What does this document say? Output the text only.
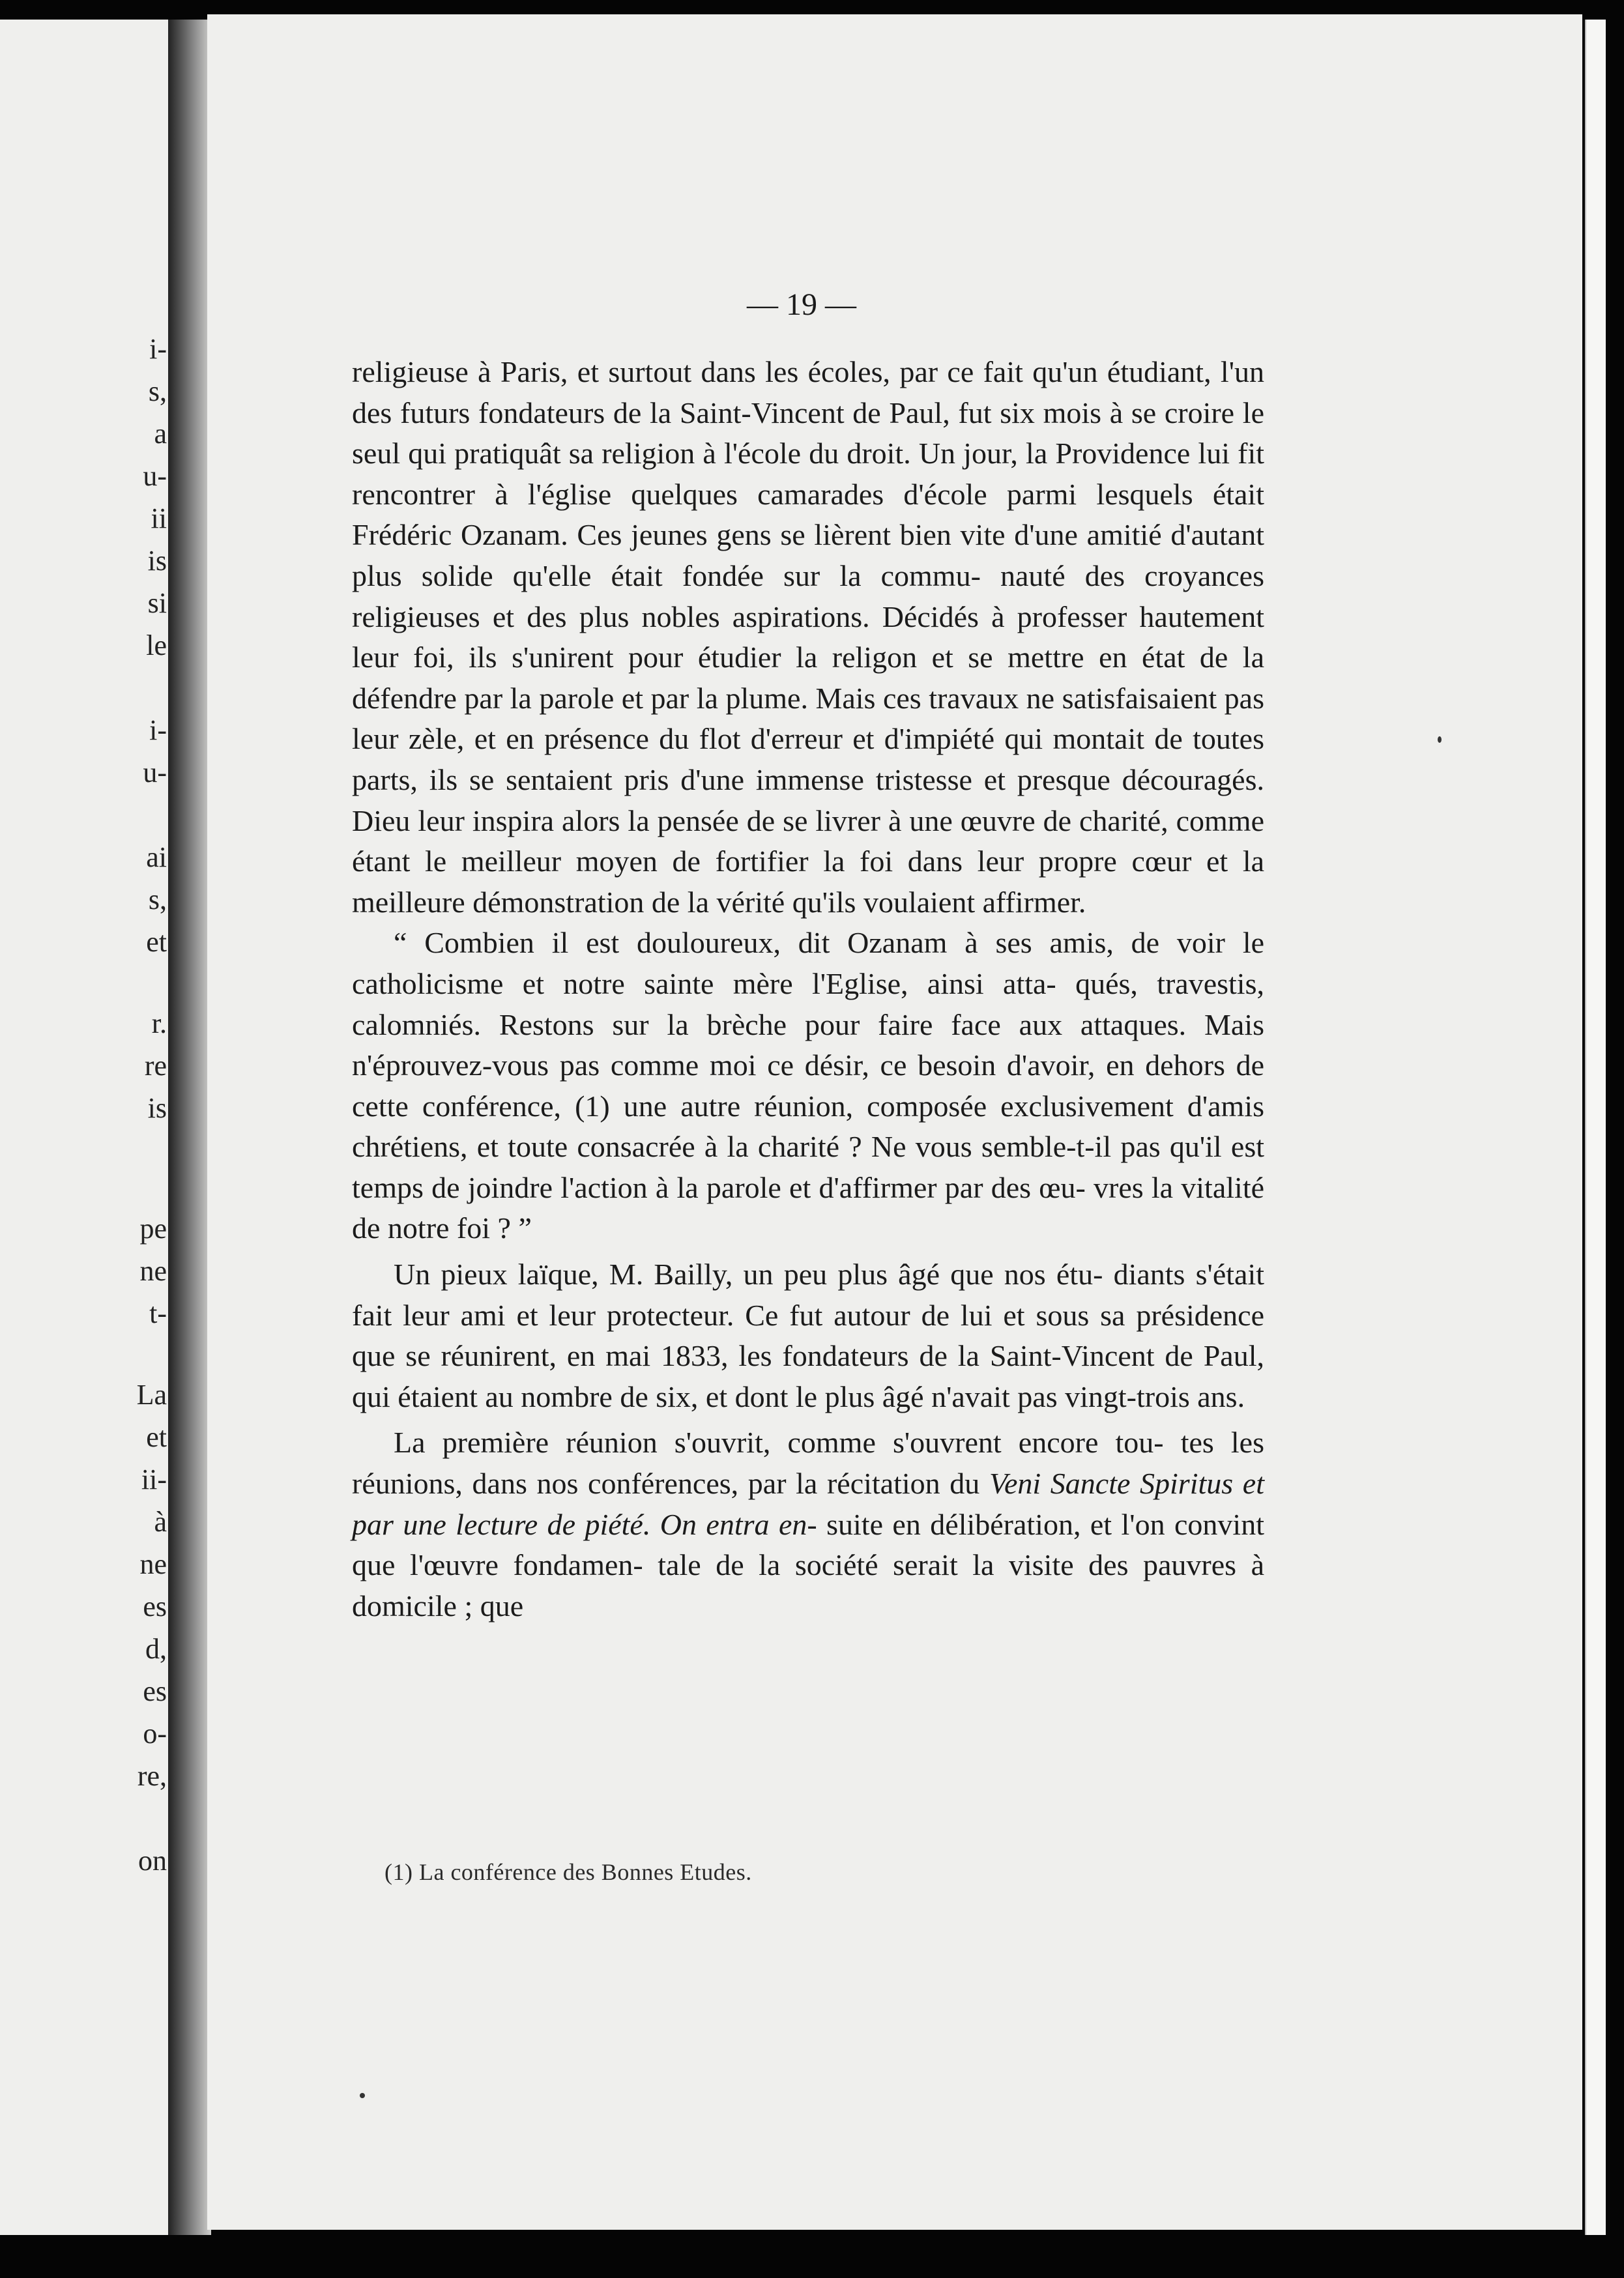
i-
s,
a
u-
ii
is
si
le
i-
u-
ai
s,
et
r.
re
is
pe
ne
t-
La
et
ii-
à
ne
es
d,
es
o-
re,
on
— 19 —

religieuse à Paris, et surtout dans les écoles, par ce fait qu'un étudiant, l'un des futurs fondateurs de la Saint-Vincent de Paul, fut six mois à se croire le seul qui pratiquât sa religion à l'école du droit. Un jour, la Providence lui fit rencontrer à l'église quelques camarades d'école parmi lesquels était Frédéric Ozanam. Ces jeunes gens se lièrent bien vite d'une amitié d'autant plus solide qu'elle était fondée sur la commu- nauté des croyances religieuses et des plus nobles aspirations. Décidés à professer hautement leur foi, ils s'unirent pour étudier la religon et se mettre en état de la défendre par la parole et par la plume. Mais ces travaux ne satisfaisaient pas leur zèle, et en présence du flot d'erreur et d'impiété qui montait de toutes parts, ils se sentaient pris d'une immense tristesse et presque découragés. Dieu leur inspira alors la pensée de se livrer à une œuvre de charité, comme étant le meilleur moyen de fortifier la foi dans leur propre cœur et la meilleure démonstration de la vérité qu'ils voulaient affirmer.

“ Combien il est douloureux, dit Ozanam à ses amis, de voir le catholicisme et notre sainte mère l'Eglise, ainsi atta- qués, travestis, calomniés. Restons sur la brèche pour faire face aux attaques. Mais n'éprouvez-vous pas comme moi ce désir, ce besoin d'avoir, en dehors de cette conférence, (1) une autre réunion, composée exclusivement d'amis chrétiens, et toute consacrée à la charité ? Ne vous semble-t-il pas qu'il est temps de joindre l'action à la parole et d'affirmer par des œu- vres la vitalité de notre foi ? ”

Un pieux laïque, M. Bailly, un peu plus âgé que nos étu- diants s'était fait leur ami et leur protecteur. Ce fut autour de lui et sous sa présidence que se réunirent, en mai 1833, les fondateurs de la Saint-Vincent de Paul, qui étaient au nombre de six, et dont le plus âgé n'avait pas vingt-trois ans.

La première réunion s'ouvrit, comme s'ouvrent encore tou- tes les réunions, dans nos conférences, par la récitation du Veni Sancte Spiritus et par une lecture de piété. On entra en- suite en délibération, et l'on convint que l'œuvre fondamen- tale de la société serait la visite des pauvres à domicile ; que

(1) La conférence des Bonnes Etudes.
